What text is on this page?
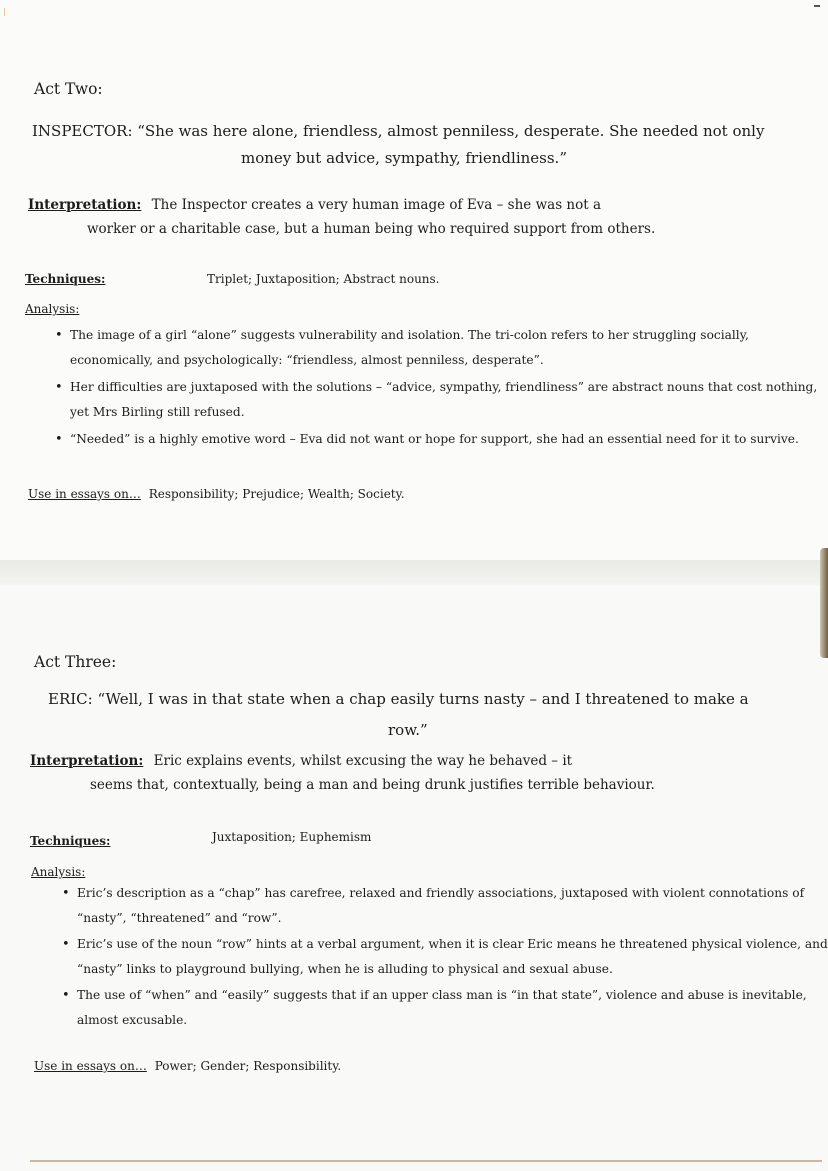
Act Two:
INSPECTOR: “She was here alone, friendless, almost penniless, desperate. She needed not only
money but advice, sympathy, friendliness.”
Interpretation: The Inspector creates a very human image of Eva – she was not a
worker or a charitable case, but a human being who required support from others.
Techniques:	Triplet; Juxtaposition; Abstract nouns.
Analysis:
• The image of a girl “alone” suggests vulnerability and isolation. The tri-colon refers to her struggling socially,
economically, and psychologically: “friendless, almost penniless, desperate”.
• Her difficulties are juxtaposed with the solutions – “advice, sympathy, friendliness” are abstract nouns that cost nothing,
yet Mrs Birling still refused.
• “Needed” is a highly emotive word – Eva did not want or hope for support, she had an essential need for it to survive.
Use in essays on… Responsibility; Prejudice; Wealth; Society.
Act Three:
ERIC: “Well, I was in that state when a chap easily turns nasty – and I threatened to make a
row.”
Interpretation: Eric explains events, whilst excusing the way he behaved – it
seems that, contextually, being a man and being drunk justifies terrible behaviour.
Techniques:	Juxtaposition; Euphemism
Analysis:
• Eric’s description as a “chap” has carefree, relaxed and friendly associations, juxtaposed with violent connotations of
“nasty”, “threatened” and “row”.
• Eric’s use of the noun “row” hints at a verbal argument, when it is clear Eric means he threatened physical violence, and
“nasty” links to playground bullying, when he is alluding to physical and sexual abuse.
• The use of “when” and “easily” suggests that if an upper class man is “in that state”, violence and abuse is inevitable,
almost excusable.
Use in essays on… Power; Gender; Responsibility.
